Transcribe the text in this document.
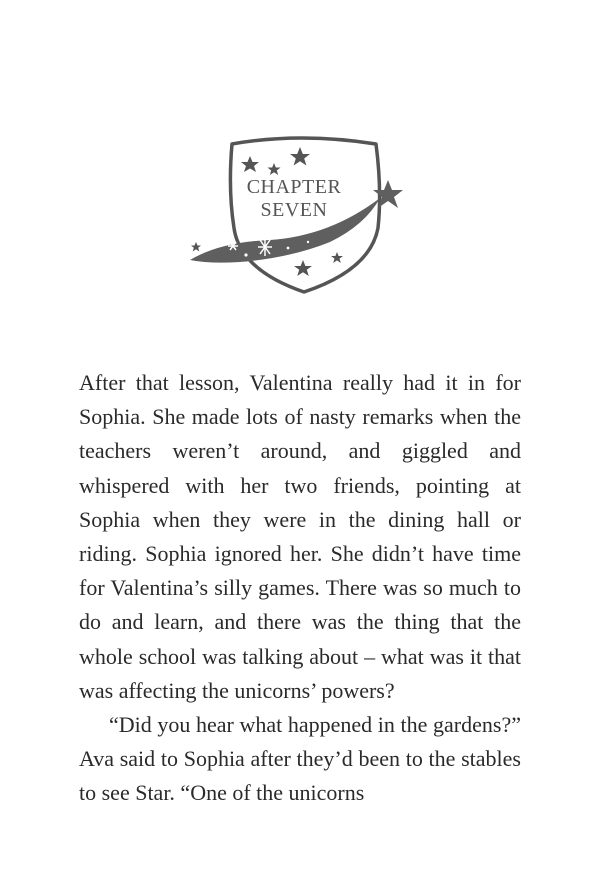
CHAPTER
SEVEN

After that lesson, Valentina really had it in for Sophia. She made lots of nasty remarks when the teachers weren’t around, and giggled and whispered with her two friends, pointing at Sophia when they were in the dining hall or riding. Sophia ignored her. She didn’t have time for Valentina’s silly games. There was so much to do and learn, and there was the thing that the whole school was talking about – what was it that was affecting the unicorns’ powers?

“Did you hear what happened in the gardens?” Ava said to Sophia after they’d been to the stables to see Star. “One of the unicorns
